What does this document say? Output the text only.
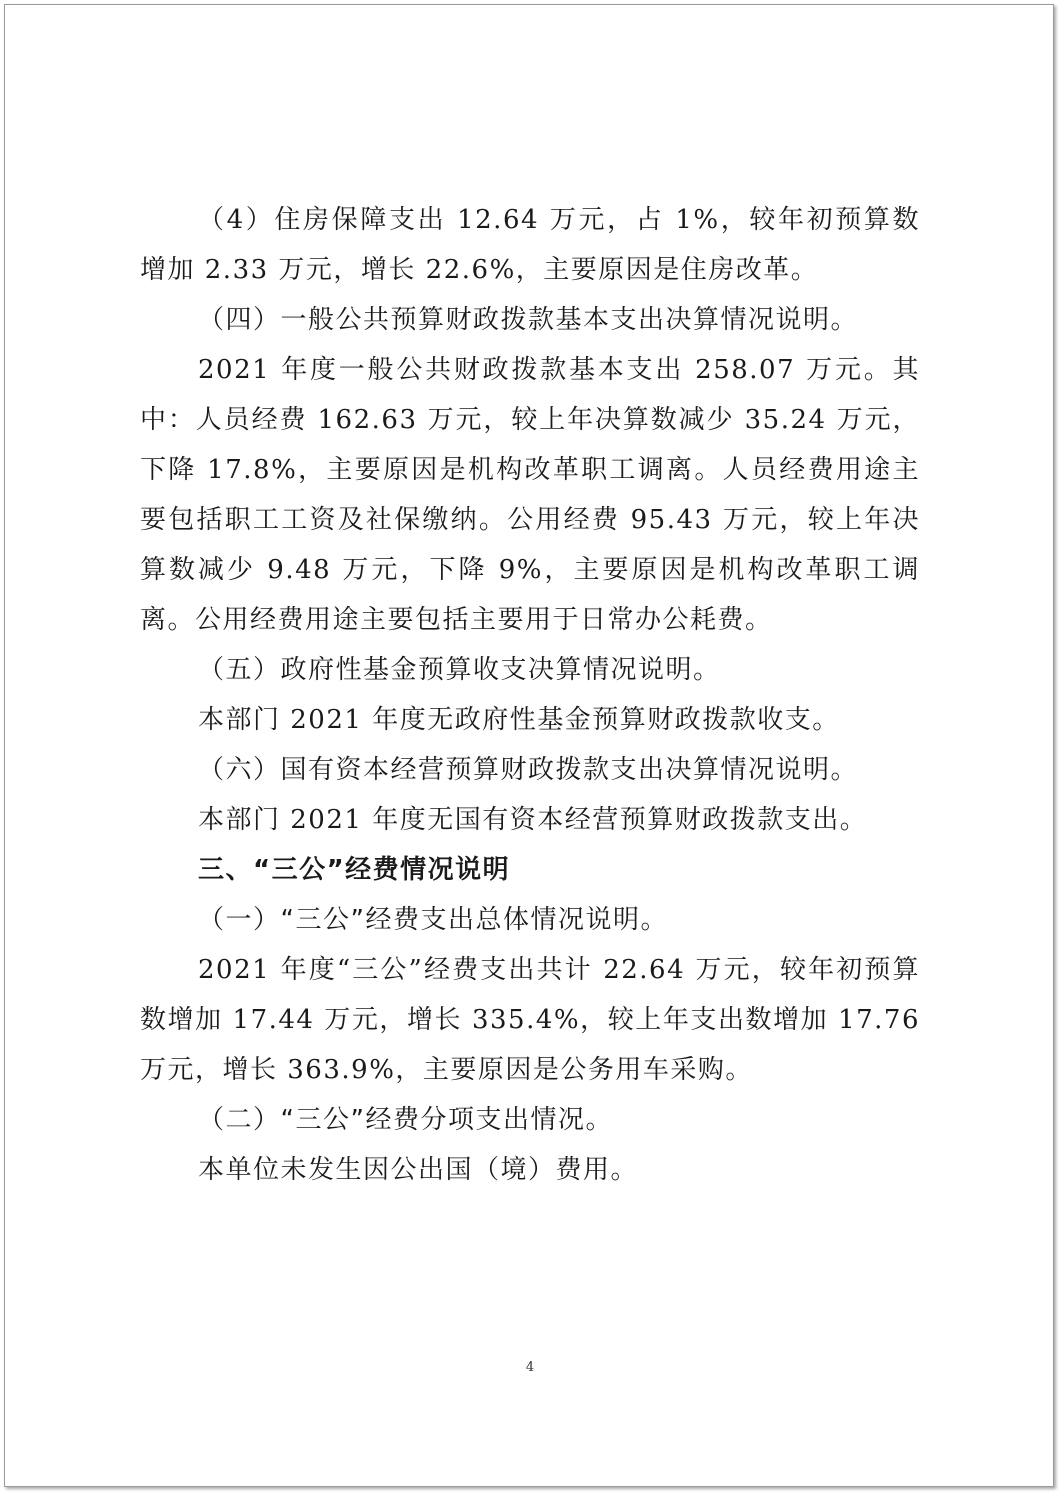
（4）住房保障支出 12.64 万元，占 1%，较年初预算数增加 2.33 万元，增长 22.6%，主要原因是住房改革。

（四）一般公共预算财政拨款基本支出决算情况说明。

2021 年度一般公共财政拨款基本支出 258.07 万元。其中：人员经费 162.63 万元，较上年决算数减少 35.24 万元，下降 17.8%，主要原因是机构改革职工调离。人员经费用途主要包括职工工资及社保缴纳。公用经费 95.43 万元，较上年决算数减少 9.48 万元，下降 9%，主要原因是机构改革职工调离。公用经费用途主要包括主要用于日常办公耗费。

（五）政府性基金预算收支决算情况说明。

本部门 2021 年度无政府性基金预算财政拨款收支。

（六）国有资本经营预算财政拨款支出决算情况说明。

本部门 2021 年度无国有资本经营预算财政拨款支出。

三、“三公”经费情况说明

（一）“三公”经费支出总体情况说明。

2021 年度“三公”经费支出共计 22.64 万元，较年初预算数增加 17.44 万元，增长 335.4%，较上年支出数增加 17.76 万元，增长 363.9%，主要原因是公务用车采购。

（二）“三公”经费分项支出情况。

本单位未发生因公出国（境）费用。

4
